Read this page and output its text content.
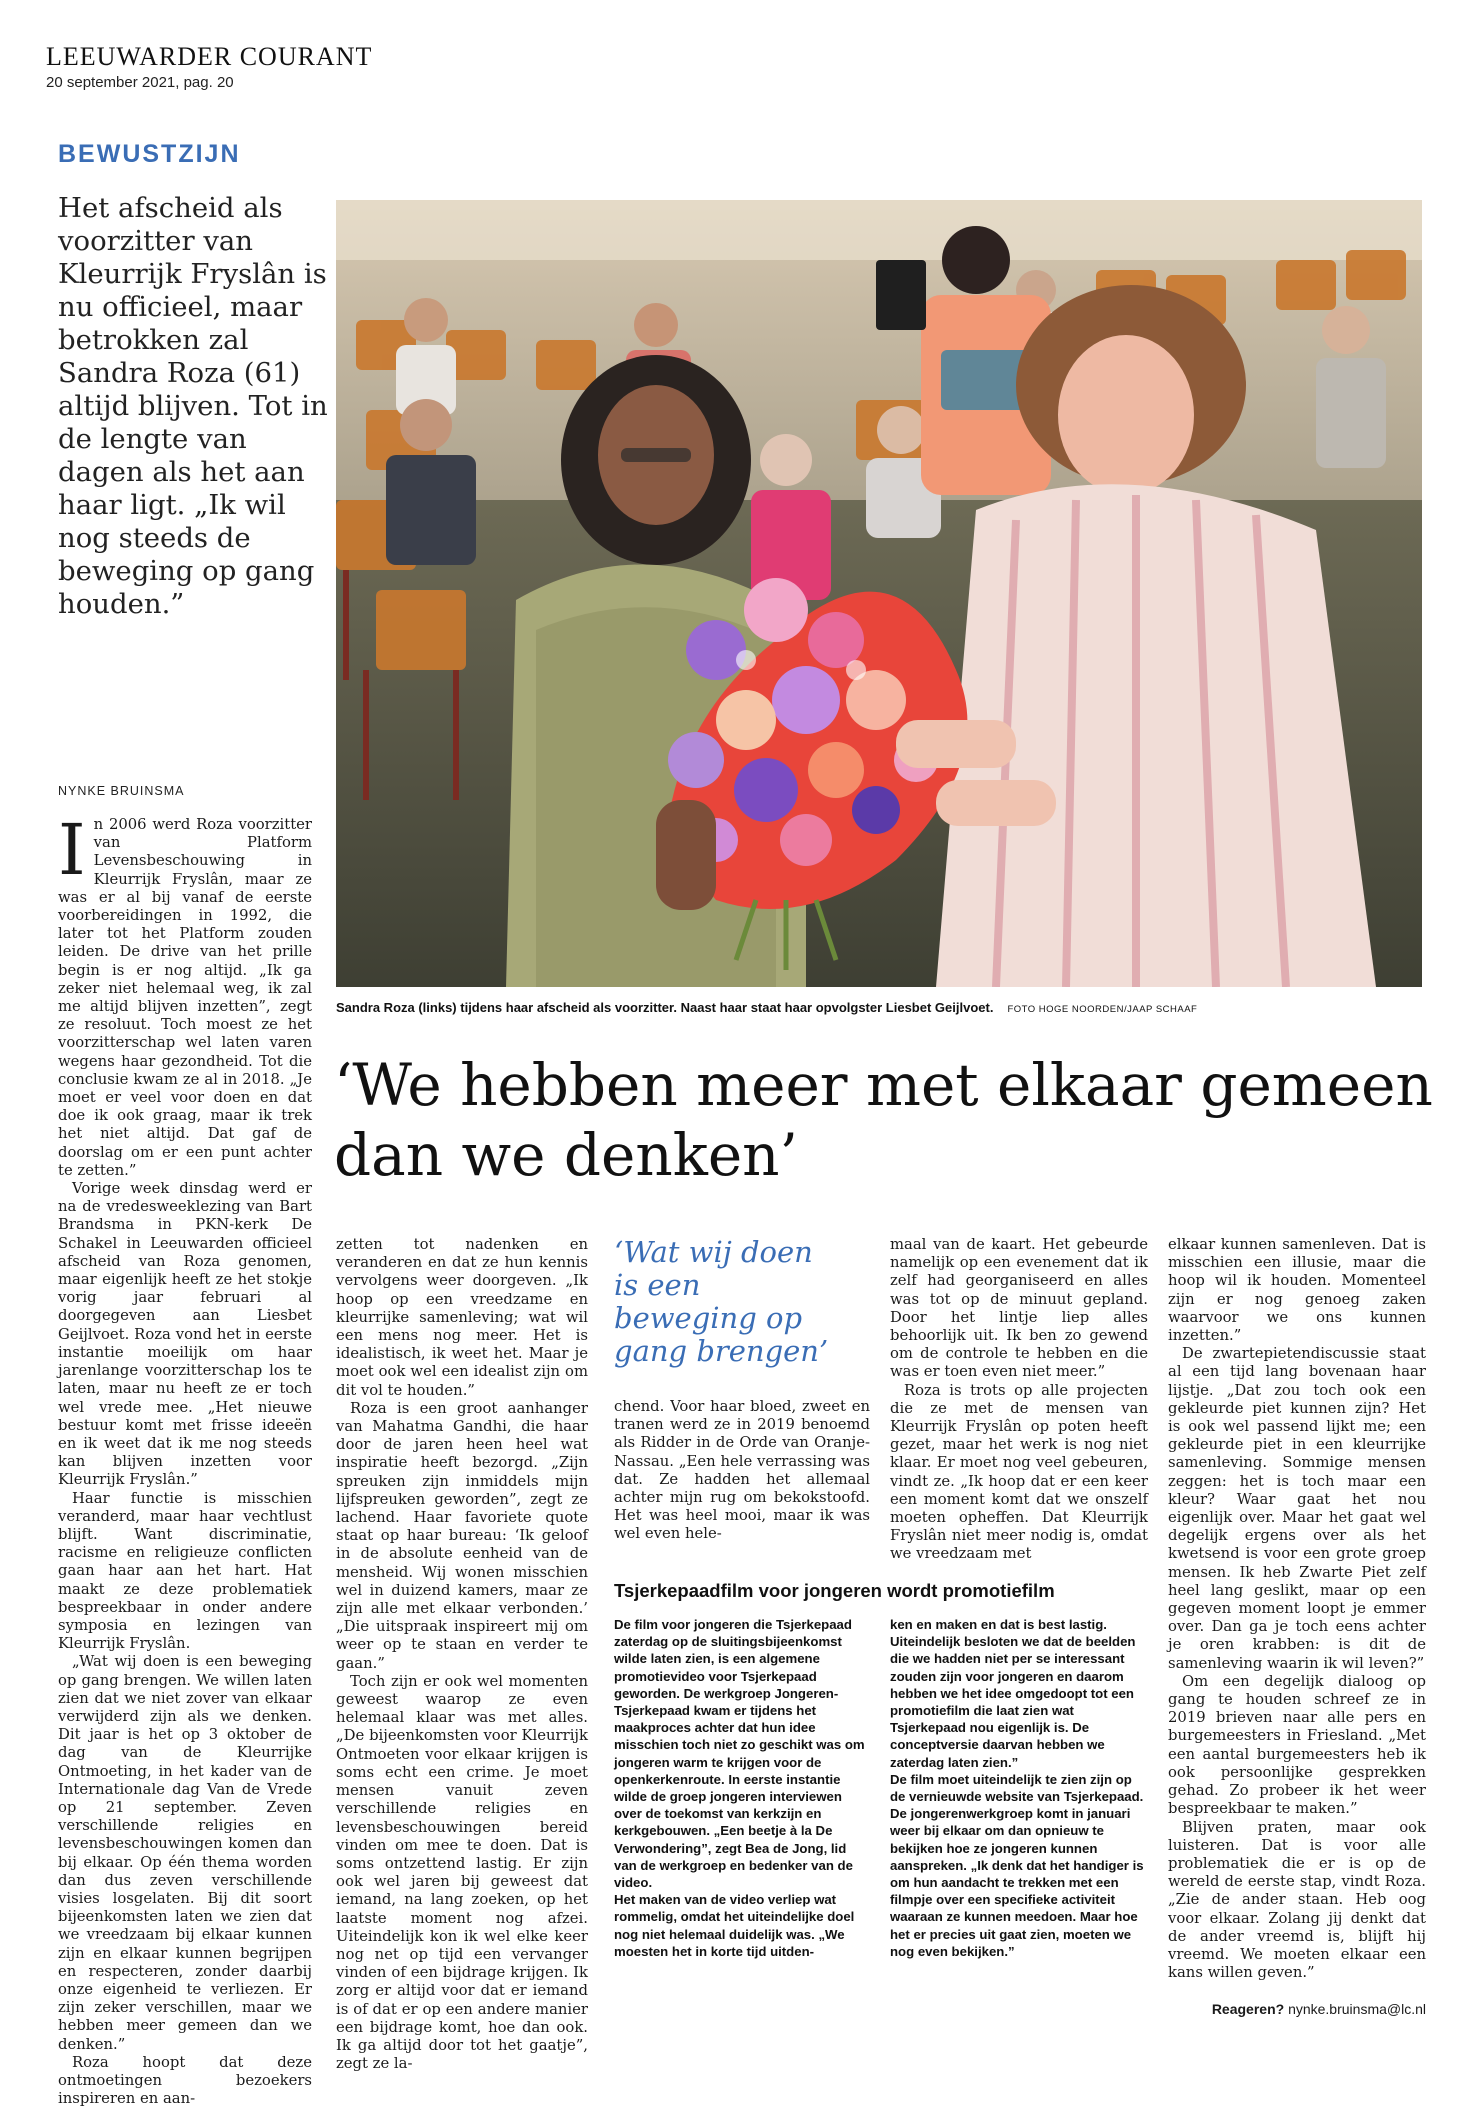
LEEUWARDER COURANT
20 september 2021, pag. 20
BEWUSTZIJN
Het afscheid als voorzitter van Kleurrijk Fryslân is nu officieel, maar betrokken zal Sandra Roza (61) altijd blijven. Tot in de lengte van dagen als het aan haar ligt. „Ik wil nog steeds de beweging op gang houden.”
NYNKE BRUINSMA
Sandra Roza (links) tijdens haar afscheid als voorzitter. Naast haar staat haar opvolgster Liesbet Geijlvoet. FOTO HOGE NOORDEN/JAAP SCHAAF
‘We hebben meer met elkaar gemeen dan we denken’

In 2006 werd Roza voorzitter van Platform Levensbeschouwing in Kleurrijk Fryslân, maar ze was er al bij vanaf de eerste voorbereidingen in 1992, die later tot het Platform zouden leiden. De drive van het prille begin is er nog altijd. „Ik ga zeker niet helemaal weg, ik zal me altijd blijven inzetten”, zegt ze resoluut. Toch moest ze het voorzitterschap wel laten varen wegens haar gezondheid. Tot die conclusie kwam ze al in 2018. „Je moet er veel voor doen en dat doe ik ook graag, maar ik trek het niet altijd. Dat gaf de doorslag om er een punt achter te zetten.”

Vorige week dinsdag werd er na de vredesweeklezing van Bart Brandsma in PKN-kerk De Schakel in Leeuwarden officieel afscheid van Roza genomen, maar eigenlijk heeft ze het stokje vorig jaar februari al doorgegeven aan Liesbet Geijlvoet. Roza vond het in eerste instantie moeilijk om haar jarenlange voorzitterschap los te laten, maar nu heeft ze er toch wel vrede mee. „Het nieuwe bestuur komt met frisse ideeën en ik weet dat ik me nog steeds kan blijven inzetten voor Kleurrijk Fryslân.”

Haar functie is misschien veranderd, maar haar vechtlust blijft. Want discriminatie, racisme en religieuze conflicten gaan haar aan het hart. Hat maakt ze deze problematiek bespreekbaar in onder andere symposia en lezingen van Kleurrijk Fryslân.

„Wat wij doen is een beweging op gang brengen. We willen laten zien dat we niet zover van elkaar verwijderd zijn als we denken. Dit jaar is het op 3 oktober de dag van de Kleurrijke Ontmoeting, in het kader van de Internationale dag Van de Vrede op 21 september. Zeven verschillende religies en levensbeschouwingen komen dan bij elkaar. Op één thema worden dan dus zeven verschillende visies losgelaten. Bij dit soort bijeenkomsten laten we zien dat we vreedzaam bij elkaar kunnen zijn en elkaar kunnen begrijpen en respecteren, zonder daarbij onze eigenheid te verliezen. Er zijn zeker verschillen, maar we hebben meer gemeen dan we denken.”

Roza hoopt dat deze ontmoetingen bezoekers inspireren en aan-

zetten tot nadenken en veranderen en dat ze hun kennis vervolgens weer doorgeven. „Ik hoop op een vreedzame en kleurrijke samenleving; wat wil een mens nog meer. Het is idealistisch, ik weet het. Maar je moet ook wel een idealist zijn om dit vol te houden.”

Roza is een groot aanhanger van Mahatma Gandhi, die haar door de jaren heen heel wat inspiratie heeft bezorgd. „Zijn spreuken zijn inmiddels mijn lijfspreuken geworden”, zegt ze lachend. Haar favoriete quote staat op haar bureau: ‘Ik geloof in de absolute eenheid van de mensheid. Wij wonen misschien wel in duizend kamers, maar ze zijn alle met elkaar verbonden.’ „Die uitspraak inspireert mij om weer op te staan en verder te gaan.”

Toch zijn er ook wel momenten geweest waarop ze even helemaal klaar was met alles. „De bijeenkomsten voor Kleurrijk Ontmoeten voor elkaar krijgen is soms echt een crime. Je moet mensen vanuit zeven verschillende religies en levensbeschouwingen bereid vinden om mee te doen. Dat is soms ontzettend lastig. Er zijn ook wel jaren bij geweest dat iemand, na lang zoeken, op het laatste moment nog afzei. Uiteindelijk kon ik wel elke keer nog net op tijd een vervanger vinden of een bijdrage krijgen. Ik zorg er altijd voor dat er iemand is of dat er op een andere manier een bijdrage komt, hoe dan ook. Ik ga altijd door tot het gaatje”, zegt ze la-

‘Wat wij doen is een beweging op gang brengen’

chend. Voor haar bloed, zweet en tranen werd ze in 2019 benoemd als Ridder in de Orde van Oranje-Nassau. „Een hele verrassing was dat. Ze hadden het allemaal achter mijn rug om bekokstoofd. Het was heel mooi, maar ik was wel even hele-

maal van de kaart. Het gebeurde namelijk op een evenement dat ik zelf had georganiseerd en alles was tot op de minuut gepland. Door het lintje liep alles behoorlijk uit. Ik ben zo gewend om de controle te hebben en die was er toen even niet meer.”

Roza is trots op alle projecten die ze met de mensen van Kleurrijk Fryslân op poten heeft gezet, maar het werk is nog niet klaar. Er moet nog veel gebeuren, vindt ze. „Ik hoop dat er een keer een moment komt dat we onszelf moeten opheffen. Dat Kleurrijk Fryslân niet meer nodig is, omdat we vreedzaam met

elkaar kunnen samenleven. Dat is misschien een illusie, maar die hoop wil ik houden. Momenteel zijn er nog genoeg zaken waarvoor we ons kunnen inzetten.”

De zwartepietendiscussie staat al een tijd lang bovenaan haar lijstje. „Dat zou toch ook een gekleurde piet kunnen zijn? Het is ook wel passend lijkt me; een gekleurde piet in een kleurrijke samenleving. Sommige mensen zeggen: het is toch maar een kleur? Waar gaat het nou eigenlijk over. Maar het gaat wel degelijk ergens over als het kwetsend is voor een grote groep mensen. Ik heb Zwarte Piet zelf heel lang geslikt, maar op een gegeven moment loopt je emmer over. Dan ga je toch eens achter je oren krabben: is dit de samenleving waarin ik wil leven?”

Om een degelijk dialoog op gang te houden schreef ze in 2019 brieven naar alle pers en burgemeesters in Friesland. „Met een aantal burgemeesters heb ik ook persoonlijke gesprekken gehad. Zo probeer ik het weer bespreekbaar te maken.”

Blijven praten, maar ook luisteren. Dat is voor alle problematiek die er is op de wereld de eerste stap, vindt Roza. „Zie de ander staan. Heb oog voor elkaar. Zolang jij denkt dat de ander vreemd is, blijft hij vreemd. We moeten elkaar een kans willen geven.”

Reageren? nynke.bruinsma@lc.nl

Tsjerkepaadfilm voor jongeren wordt promotiefilm

De film voor jongeren die Tsjerkepaad zaterdag op de sluitingsbijeenkomst wilde laten zien, is een algemene promotievideo voor Tsjerkepaad geworden. De werkgroep Jongeren-Tsjerkepaad kwam er tijdens het maakproces achter dat hun idee misschien toch niet zo geschikt was om jongeren warm te krijgen voor de openkerkenroute. In eerste instantie wilde de groep jongeren interviewen over de toekomst van kerkzijn en kerkgebouwen. „Een beetje à la De Verwondering”, zegt Bea de Jong, lid van de werkgroep en bedenker van de video.

Het maken van de video verliep wat rommelig, omdat het uiteindelijke doel nog niet helemaal duidelijk was. „We moesten het in korte tijd uitden-

ken en maken en dat is best lastig. Uiteindelijk besloten we dat de beelden die we hadden niet per se interessant zouden zijn voor jongeren en daarom hebben we het idee omgedoopt tot een promotiefilm die laat zien wat Tsjerkepaad nou eigenlijk is. De conceptversie daarvan hebben we zaterdag laten zien.”

De film moet uiteindelijk te zien zijn op de vernieuwde website van Tsjerkepaad. De jongerenwerkgroep komt in januari weer bij elkaar om dan opnieuw te bekijken hoe ze jongeren kunnen aanspreken. „Ik denk dat het handiger is om hun aandacht te trekken met een filmpje over een specifieke activiteit waaraan ze kunnen meedoen. Maar hoe het er precies uit gaat zien, moeten we nog even bekijken.”
